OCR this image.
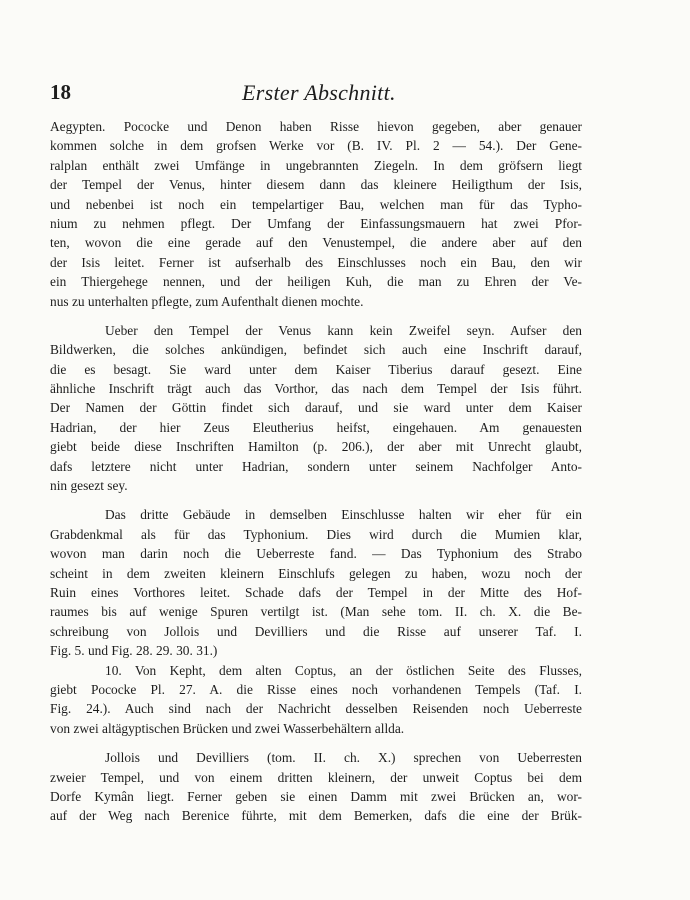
18	Erster Abschnitt.
Aegypten. Pococke und Denon haben Risse hievon gegeben, aber genauer
kommen solche in dem grofsen Werke vor (B. IV. Pl. 2 — 54.). Der Gene-
ralplan enthält zwei Umfänge in ungebrannten Ziegeln. In dem gröfsern liegt
der Tempel der Venus, hinter diesem dann das kleinere Heiligthum der Isis,
und nebenbei ist noch ein tempelartiger Bau, welchen man für das Typho-
nium zu nehmen pflegt. Der Umfang der Einfassungsmauern hat zwei Pfor-
ten, wovon die eine gerade auf den Venustempel, die andere aber auf den
der Isis leitet. Ferner ist aufserhalb des Einschlusses noch ein Bau, den wir
ein Thiergehege nennen, und der heiligen Kuh, die man zu Ehren der Ve-
nus zu unterhalten pflegte, zum Aufenthalt dienen mochte.
Ueber den Tempel der Venus kann kein Zweifel seyn. Aufser den
Bildwerken, die solches ankündigen, befindet sich auch eine Inschrift darauf,
die es besagt. Sie ward unter dem Kaiser Tiberius darauf gesezt. Eine
ähnliche Inschrift trägt auch das Vorthor, das nach dem Tempel der Isis führt.
Der Namen der Göttin findet sich darauf, und sie ward unter dem Kaiser
Hadrian, der hier Zeus Eleutherius heifst, eingehauen. Am genauesten
giebt beide diese Inschriften Hamilton (p. 206.), der aber mit Unrecht glaubt,
dafs letztere nicht unter Hadrian, sondern unter seinem Nachfolger Anto-
nin gesezt sey.
Das dritte Gebäude in demselben Einschlusse halten wir eher für ein
Grabdenkmal als für das Typhonium. Dies wird durch die Mumien klar,
wovon man darin noch die Ueberreste fand. — Das Typhonium des Strabo
scheint in dem zweiten kleinern Einschlufs gelegen zu haben, wozu noch der
Ruin eines Vorthores leitet. Schade dafs der Tempel in der Mitte des Hof-
raumes bis auf wenige Spuren vertilgt ist. (Man sehe tom. II. ch. X. die Be-
schreibung von Jollois und Devilliers und die Risse auf unserer Taf. I.
Fig. 5. und Fig. 28. 29. 30. 31.)
10. Von Kepht, dem alten Coptus, an der östlichen Seite des Flusses,
giebt Pococke Pl. 27. A. die Risse eines noch vorhandenen Tempels (Taf. I.
Fig. 24.). Auch sind nach der Nachricht desselben Reisenden noch Ueberreste
von zwei altägyptischen Brücken und zwei Wasserbehältern allda.
Jollois und Devilliers (tom. II. ch. X.) sprechen von Ueberresten
zweier Tempel, und von einem dritten kleinern, der unweit Coptus bei dem
Dorfe Kymân liegt. Ferner geben sie einen Damm mit zwei Brücken an, wor-
auf der Weg nach Berenice führte, mit dem Bemerken, dafs die eine der Brük-
